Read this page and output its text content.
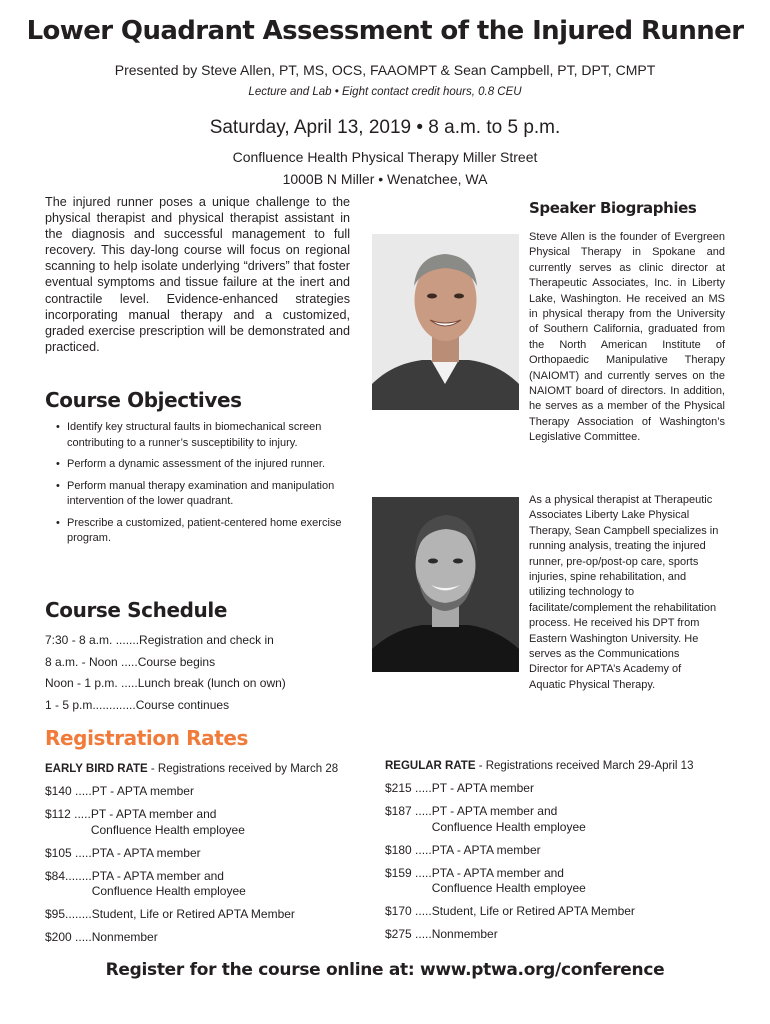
Lower Quadrant Assessment of the Injured Runner
Presented by Steve Allen, PT, MS, OCS, FAAOMPT & Sean Campbell, PT, DPT, CMPT
Lecture and Lab • Eight contact credit hours, 0.8 CEU
Saturday, April 13, 2019 • 8 a.m. to 5 p.m.
Confluence Health Physical Therapy Miller Street
1000B N Miller • Wenatchee, WA

The injured runner poses a unique challenge to the physical therapist and physical therapist assistant in the diagnosis and successful management to full recovery. This day-long course will focus on regional scanning to help isolate underlying “drivers” that foster eventual symptoms and tissue failure at the inert and contractile level. Evidence-enhanced strategies incorporating manual therapy and a customized, graded exercise prescription will be demonstrated and practiced.

Course Objectives
• Identify key structural faults in biomechanical screen contributing to a runner’s susceptibility to injury.
• Perform a dynamic assessment of the injured runner.
• Perform manual therapy examination and manipulation intervention of the lower quadrant.
• Prescribe a customized, patient-centered home exercise program.
Course Schedule
7:30 - 8 a.m. .......Registration and check in
8 a.m. - Noon .....Course begins
Noon - 1 p.m. .....Lunch break (lunch on own)
1 - 5 p.m.............Course continues
Speaker Biographies

Steve Allen is the founder of Evergreen Physical Therapy in Spokane and currently serves as clinic director at Therapeutic Associates, Inc. in Liberty Lake, Washington. He received an MS in physical therapy from the University of Southern California, graduated from the North American Institute of Orthopaedic Manipulative Therapy (NAIOMT) and currently serves on the NAIOMT board of directors. In addition, he serves as a member of the Physical Therapy Association of Washington’s Legislative Committee.

As a physical therapist at Therapeutic Associates Liberty Lake Physical Therapy, Sean Campbell specializes in running analysis, treating the injured runner, pre-op/post-op care, sports injuries, spine rehabilitation, and utilizing technology to facilitate/complement the rehabilitation process. He received his DPT from Eastern Washington University. He serves as the Communications Director for APTA’s Academy of Aquatic Physical Therapy.

Registration Rates
EARLY BIRD RATE - Registrations received by March 28	REGULAR RATE - Registrations received March 29-April 13
$140 ..... PT - APTA member
$112 ..... PT - APTA member and
Confluence Health employee
$105 ..... PTA - APTA member
$84........ PTA - APTA member and
Confluence Health employee
$95........ Student, Life or Retired APTA Member
$200 ..... Nonmember
$215 ..... PT - APTA member
$187 ..... PT - APTA member and
Confluence Health employee
$180 ..... PTA - APTA member
$159 ..... PTA - APTA member and
Confluence Health employee
$170 ..... Student, Life or Retired APTA Member
$275 ..... Nonmember
Register for the course online at: www.ptwa.org/conference
